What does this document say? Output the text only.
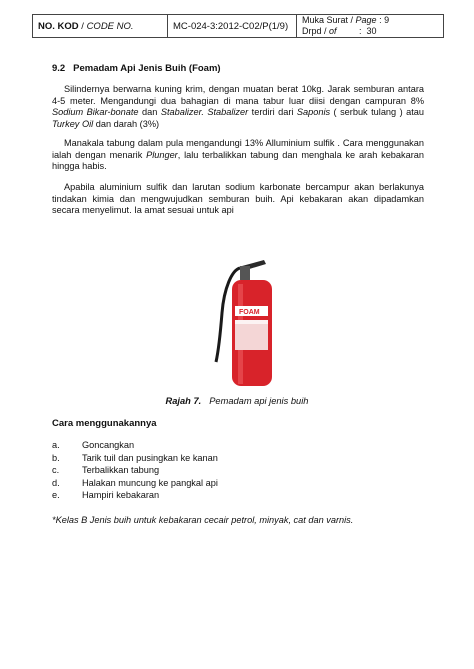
NO. KOD / CODE NO.	MC-024-3:2012-C02/P(1/9)	
Muka Surat / Page : 9
Drpd / of         :  30
9.2   Pemadam Api Jenis Buih (Foam)
Silindernya berwarna kuning krim, dengan muatan berat 10kg. Jarak semburan antara 4-5 meter. Mengandungi dua bahagian di mana tabur luar diisi dengan campuran 8% Sodium Bikar-bonate dan Stabalizer. Stabalizer terdiri dari Saponis ( serbuk tulang ) atau Turkey Oil dan darah (3%)
Manakala tabung dalam pula mengandungi 13% Alluminium sulfik . Cara menggunakan ialah dengan menarik Plunger, lalu terbalikkan tabung dan menghala ke arah kebakaran hingga habis.
Apabila aluminium sulfik dan larutan sodium karbonate bercampur akan berlakunya tindakan kimia dan mengwujudkan semburan buih. Api kebakaran akan dipadamkan secara menyelimut. Ia amat sesuai untuk api
FOAM
Rajah 7. Pemadam api jenis buih
Cara menggunakannya
a.	Goncangkan
b.	Tarik tuil dan pusingkan ke kanan
c.	Terbalikkan tabung
d.	Halakan muncung ke pangkal api
e.	Hampiri kebakaran
*Kelas B Jenis buih untuk kebakaran cecair petrol, minyak, cat dan varnis.
